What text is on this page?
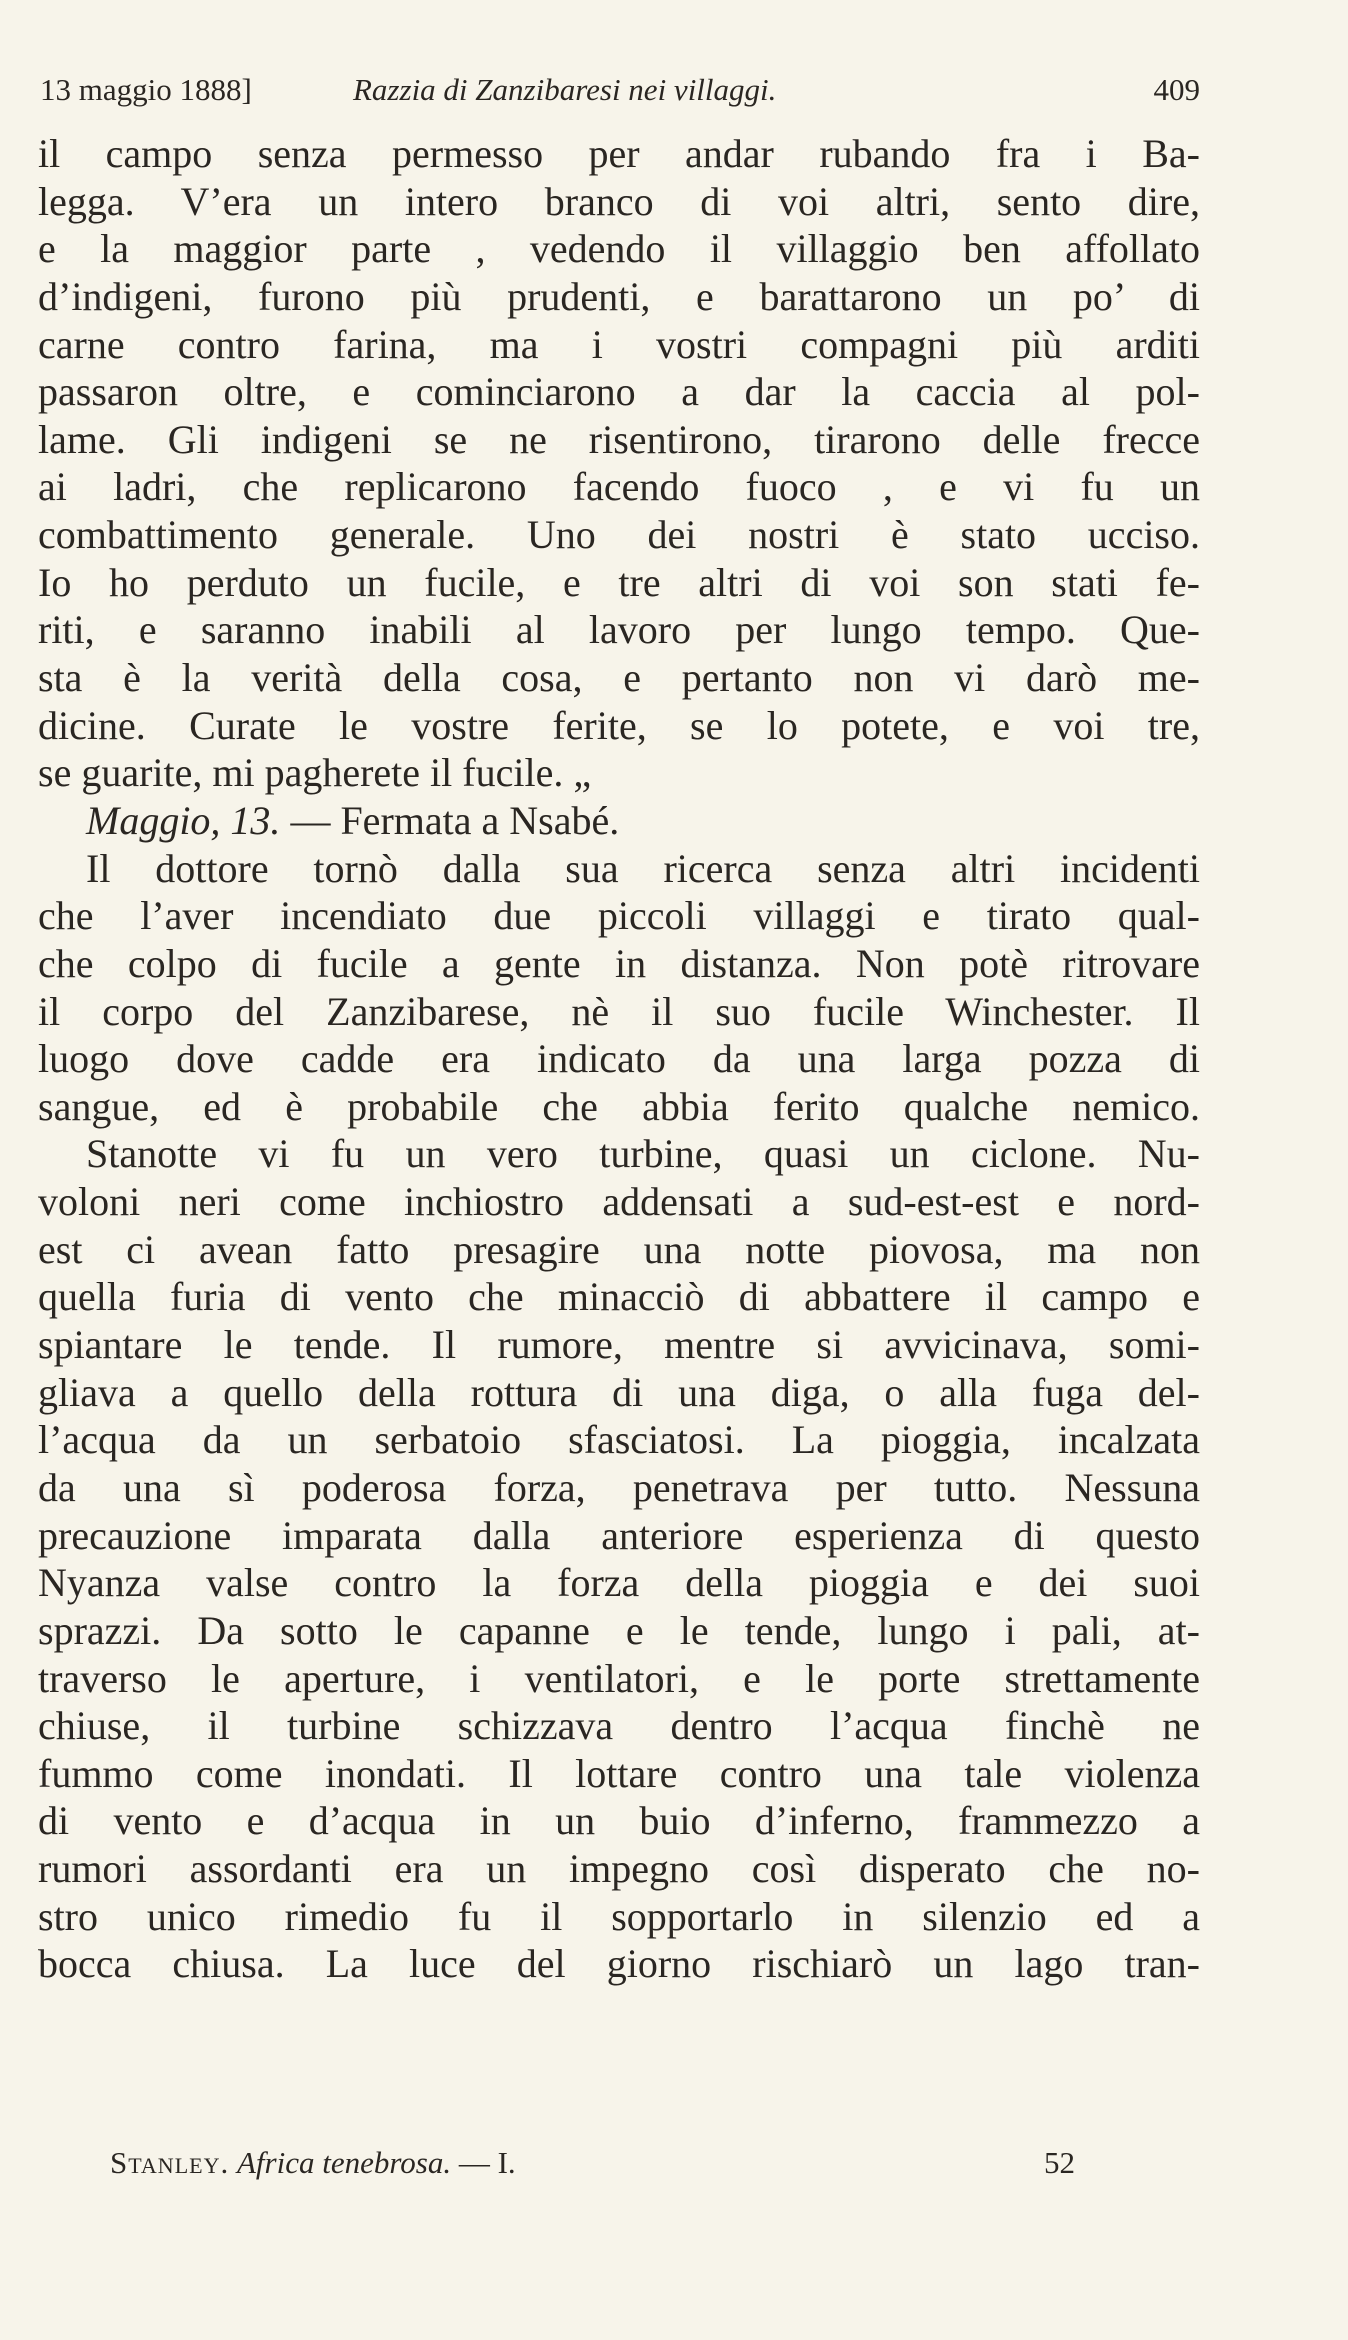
13 maggio 1888]	Razzia di Zanzibaresi nei villaggi.	409
il campo senza permesso per andar rubando fra i Ba-
legga. V’era un intero branco di voi altri, sento dire,
e la maggior parte , vedendo il villaggio ben affollato
d’indigeni, furono più prudenti, e barattarono un po’ di
carne contro farina, ma i vostri compagni più arditi
passaron oltre, e cominciarono a dar la caccia al pol-
lame. Gli indigeni se ne risentirono, tirarono delle frecce
ai ladri, che replicarono facendo fuoco , e vi fu un
combattimento generale. Uno dei nostri è stato ucciso.
Io ho perduto un fucile, e tre altri di voi son stati fe-
riti, e saranno inabili al lavoro per lungo tempo. Que-
sta è la verità della cosa, e pertanto non vi darò me-
dicine. Curate le vostre ferite, se lo potete, e voi tre,
se guarite, mi pagherete il fucile. „
Maggio, 13. — Fermata a Nsabé.
Il dottore tornò dalla sua ricerca senza altri incidenti
che l’aver incendiato due piccoli villaggi e tirato qual-
che colpo di fucile a gente in distanza. Non potè ritrovare
il corpo del Zanzibarese, nè il suo fucile Winchester. Il
luogo dove cadde era indicato da una larga pozza di
sangue, ed è probabile che abbia ferito qualche nemico.
Stanotte vi fu un vero turbine, quasi un ciclone. Nu-
voloni neri come inchiostro addensati a sud-est-est e nord-
est ci avean fatto presagire una notte piovosa, ma non
quella furia di vento che minacciò di abbattere il campo e
spiantare le tende. Il rumore, mentre si avvicinava, somi-
gliava a quello della rottura di una diga, o alla fuga del-
l’acqua da un serbatoio sfasciatosi. La pioggia, incalzata
da una sì poderosa forza, penetrava per tutto. Nessuna
precauzione imparata dalla anteriore esperienza di questo
Nyanza valse contro la forza della pioggia e dei suoi
sprazzi. Da sotto le capanne e le tende, lungo i pali, at-
traverso le aperture, i ventilatori, e le porte strettamente
chiuse, il turbine schizzava dentro l’acqua finchè ne
fummo come inondati. Il lottare contro una tale violenza
di vento e d’acqua in un buio d’inferno, frammezzo a
rumori assordanti era un impegno così disperato che no-
stro unico rimedio fu il sopportarlo in silenzio ed a
bocca chiusa. La luce del giorno rischiarò un lago tran-
Stanley. Africa tenebrosa. — I.	52
